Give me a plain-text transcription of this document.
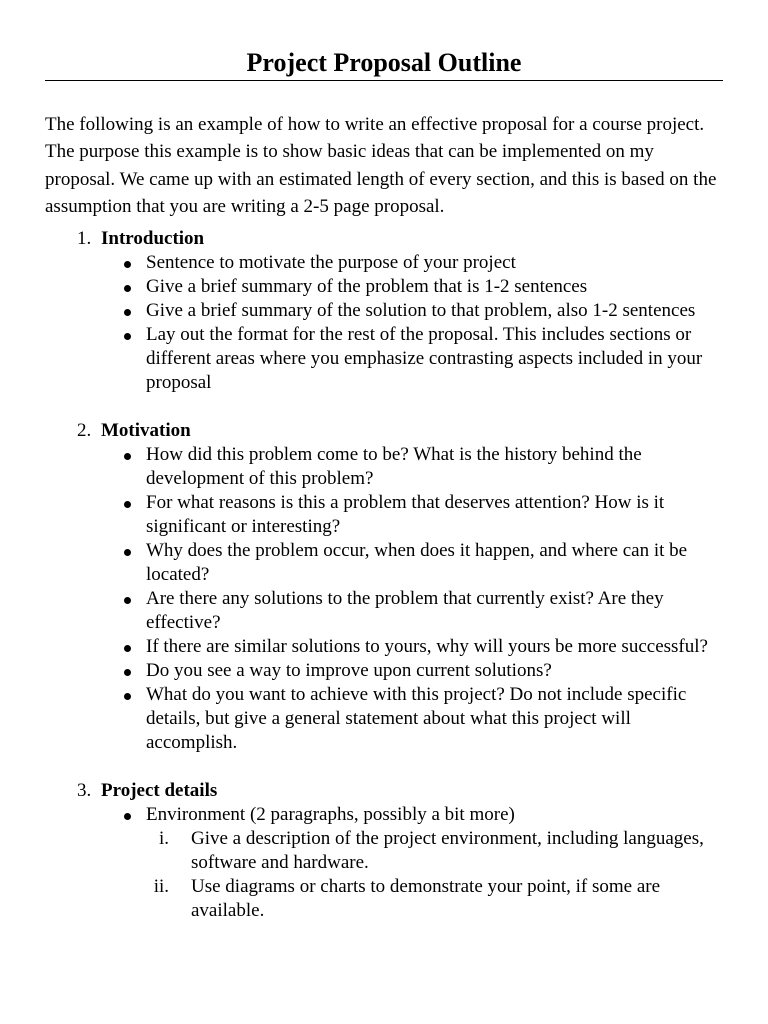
Project Proposal Outline

The following is an example of how to write an effective proposal for a course project. The purpose this example is to show basic ideas that can be implemented on my proposal. We came up with an estimated length of every section, and this is based on the assumption that you are writing a 2-5 page proposal.

1. Introduction
Sentence to motivate the purpose of your project
Give a brief summary of the problem that is 1-2 sentences
Give a brief summary of the solution to that problem, also 1-2 sentences
Lay out the format for the rest of the proposal. This includes sections or different areas where you emphasize contrasting aspects included in your proposal
2. Motivation
How did this problem come to be? What is the history behind the development of this problem?
For what reasons is this a problem that deserves attention? How is it significant or interesting?
Why does the problem occur, when does it happen, and where can it be located?
Are there any solutions to the problem that currently exist? Are they effective?
If there are similar solutions to yours, why will yours be more successful?
Do you see a way to improve upon current solutions?
What do you want to achieve with this project? Do not include specific details, but give a general statement about what this project will accomplish.
3. Project details
Environment (2 paragraphs, possibly a bit more)
i. Give a description of the project environment, including languages, software and hardware.
ii. Use diagrams or charts to demonstrate your point, if some are available.
